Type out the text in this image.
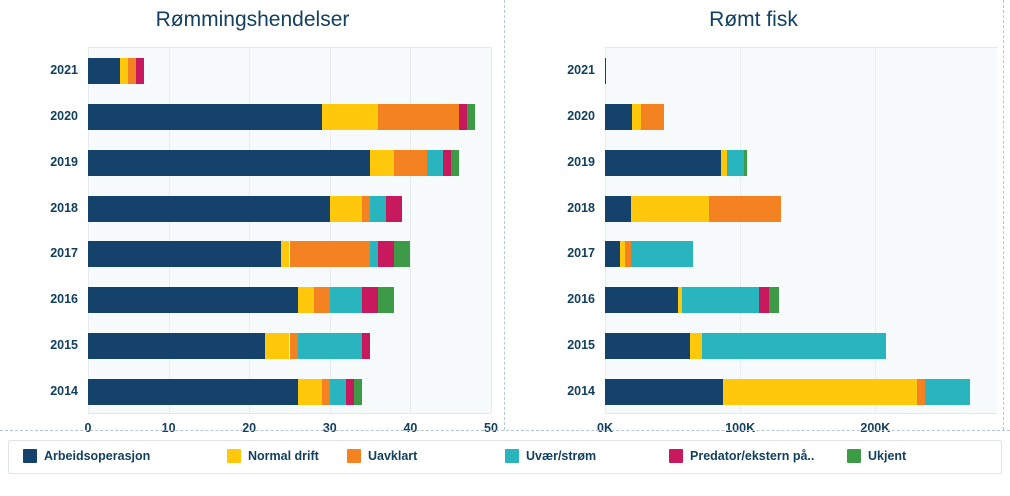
Rømmingshendelser
0	10	20	30	40	50
2021
2020
2019
2018
2017
2016
2015
2014
Rømt fisk
0K	100K	200K
2021
2020
2019
2018
2017
2016
2015
2014
Arbeidsoperasjon	Normal drift	Uavklart	Uvær/strøm	Predator/ekstern på..	Ukjent
